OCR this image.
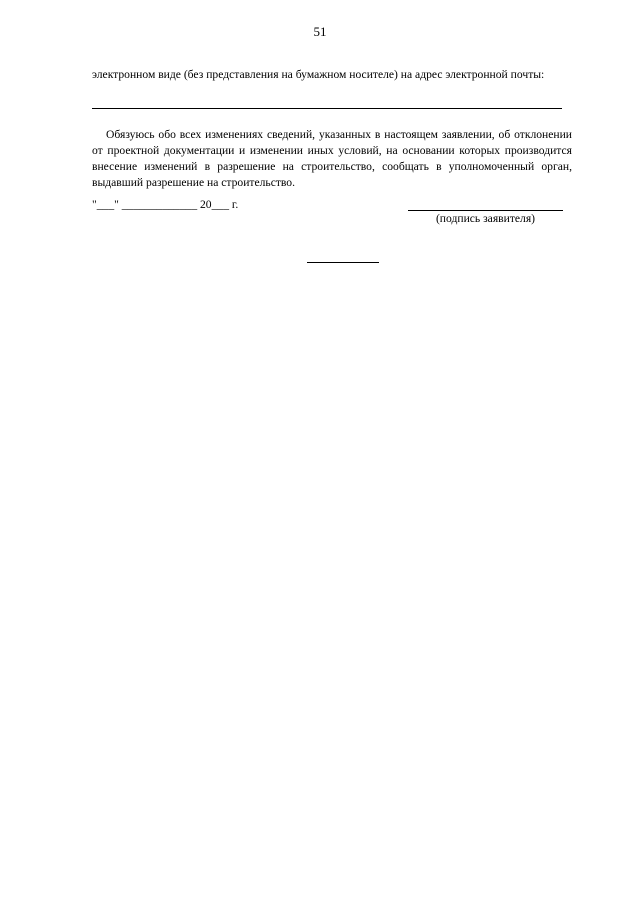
51
электронном виде (без представления на бумажном носителе) на адрес электронной почты:
Обязуюсь обо всех изменениях сведений, указанных в настоящем заявлении, об отклонении от проектной документации и изменении иных условий, на основании которых производится внесение изменений в разрешение на строительство, сообщать в уполномоченный орган, выдавший разрешение на строительство.
"___" _____________ 20___ г.
(подпись заявителя)
